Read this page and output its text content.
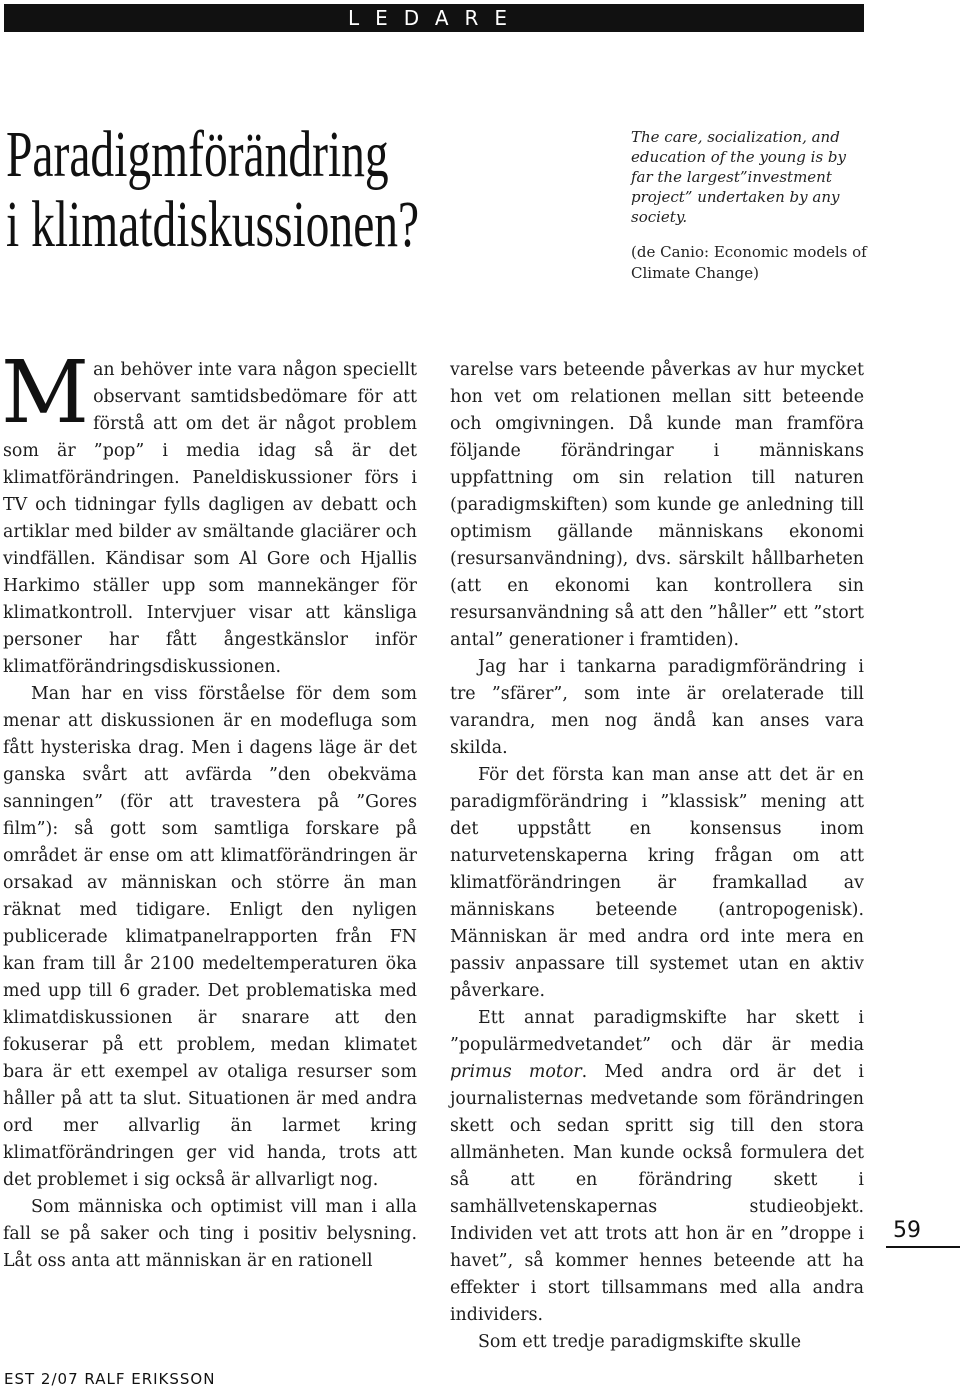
LEDARE
Paradigmförändring
i klimatdiskussionen?
The care, socialization, and education of the young is by far the largest”investment project” undertaken by any society.
(de Canio: Economic models of Climate Change)

Man behöver inte vara någon speciellt observant samtidsbedömare för att förstå att om det är något problem som är ”pop” i media idag så är det klimatförändringen. Paneldiskussioner förs i TV och tidningar fylls dagligen av debatt och artiklar med bilder av smältande glaciärer och vindfällen. Kändisar som Al Gore och Hjallis Harkimo ställer upp som mannekänger för klimatkontroll. Intervjuer visar att känsliga personer har fått ångestkänslor inför klimatförändringsdiskussionen.

Man har en viss förståelse för dem som menar att diskussionen är en modefluga som fått hysteriska drag. Men i dagens läge är det ganska svårt att avfärda ”den obekväma sanningen” (för att travestera på ”Gores film”): så gott som samtliga forskare på området är ense om att klimatförändringen är orsakad av människan och större än man räknat med tidigare. Enligt den nyligen publicerade klimatpanelrapporten från FN kan fram till år 2100 medeltemperaturen öka med upp till 6 grader. Det problematiska med klimatdiskussionen är snarare att den fokuserar på ett problem, medan klimatet bara är ett exempel av otaliga resurser som håller på att ta slut. Situationen är med andra ord mer allvarlig än larmet kring klimatförändringen ger vid handa, trots att det problemet i sig också är allvarligt nog.

Som människa och optimist vill man i alla fall se på saker och ting i positiv belysning. Låt oss anta att människan är en rationell

varelse vars beteende påverkas av hur mycket hon vet om relationen mellan sitt beteende och omgivningen. Då kunde man framföra följande förändringar i människans uppfattning om sin relation till naturen (paradigmskiften) som kunde ge anledning till optimism gällande människans ekonomi (resursanvändning), dvs. särskilt hållbarheten (att en ekonomi kan kontrollera sin resursanvändning så att den ”håller” ett ”stort antal” generationer i framtiden).

Jag har i tankarna paradigmförändring i tre ”sfärer”, som inte är orelaterade till varandra, men nog ändå kan anses vara skilda.

För det första kan man anse att det är en paradigmförändring i ”klassisk” mening att det uppstått en konsensus inom naturvetenskaperna kring frågan om att klimatförändringen är framkallad av människans beteende (antropogenisk). Människan är med andra ord inte mera en passiv anpassare till systemet utan en aktiv påverkare.

Ett annat paradigmskifte har skett i ”populärmedvetandet” och där är media primus motor. Med andra ord är det i journalisternas medvetande som förändringen skett och sedan spritt sig till den stora allmänheten. Man kunde också formulera det så att en förändring skett i samhällvetenskapernas studieobjekt. Individen vet att trots att hon är en ”droppe i havet”, så kommer hennes beteende att ha effekter i stort tillsammans med alla andra individers.

Som ett tredje paradigmskifte skulle

59
EST 2/07 RALF ERIKSSON
